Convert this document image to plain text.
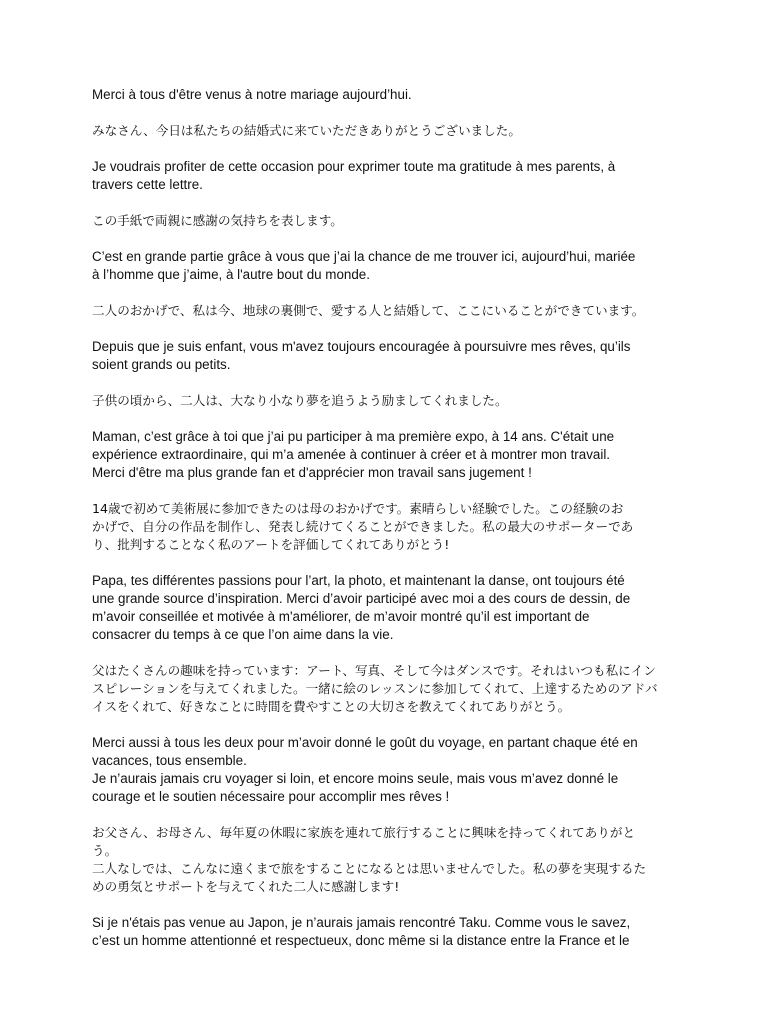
Merci à tous d'être venus à notre mariage aujourd’hui.

みなさん、今日は私たちの結婚式に来ていただきありがとうございました。

Je voudrais profiter de cette occasion pour exprimer toute ma gratitude à mes parents, à
travers cette lettre.

この手紙で両親に感謝の気持ちを表します。

C’est en grande partie grâce à vous que j’ai la chance de me trouver ici, aujourd’hui, mariée
à l’homme que j’aime, à l'autre bout du monde.

二人のおかげで、私は今、地球の裏側で、愛する人と結婚して、ここにいることができています。

Depuis que je suis enfant, vous m'avez toujours encouragée à poursuivre mes rêves, qu’ils
soient grands ou petits.

子供の頃から、二人は、大なり小なり夢を追うよう励ましてくれました。

Maman, c’est grâce à toi que j’ai pu participer à ma première expo, à 14 ans. C'était une
expérience extraordinaire, qui m’a amenée à continuer à créer et à montrer mon travail.
Merci d'être ma plus grande fan et d'apprécier mon travail sans jugement !

14歳で初めて美術展に参加できたのは母のおかげです。素晴らしい経験でした。この経験のお
かげで、自分の作品を制作し、発表し続けてくることができました。私の最大のサポーターであ
り、批判することなく私のアートを評価してくれてありがとう!

Papa, tes différentes passions pour l’art, la photo, et maintenant la danse, ont toujours été
une grande source d’inspiration. Merci d’avoir participé avec moi a des cours de dessin, de
m’avoir conseillée et motivée à m'améliorer, de m’avoir montré qu’il est important de
consacrer du temps à ce que l’on aime dans la vie.

父はたくさんの趣味を持っています：アート、写真、そして今はダンスです。それはいつも私にイン
スピレーションを与えてくれました。一緒に絵のレッスンに参加してくれて、上達するためのアドバ
イスをくれて、好きなことに時間を費やすことの大切さを教えてくれてありがとう。

Merci aussi à tous les deux pour m’avoir donné le goût du voyage, en partant chaque été en
vacances, tous ensemble.
Je n’aurais jamais cru voyager si loin, et encore moins seule, mais vous m’avez donné le
courage et le soutien nécessaire pour accomplir mes rêves !

お父さん、お母さん、毎年夏の休暇に家族を連れて旅行することに興味を持ってくれてありがと
う。
二人なしでは、こんなに遠くまで旅をすることになるとは思いませんでした。私の夢を実現するた
めの勇気とサポートを与えてくれた二人に感謝します!

Si je n'étais pas venue au Japon, je n’aurais jamais rencontré Taku. Comme vous le savez,
c’est un homme attentionné et respectueux, donc même si la distance entre la France et le
